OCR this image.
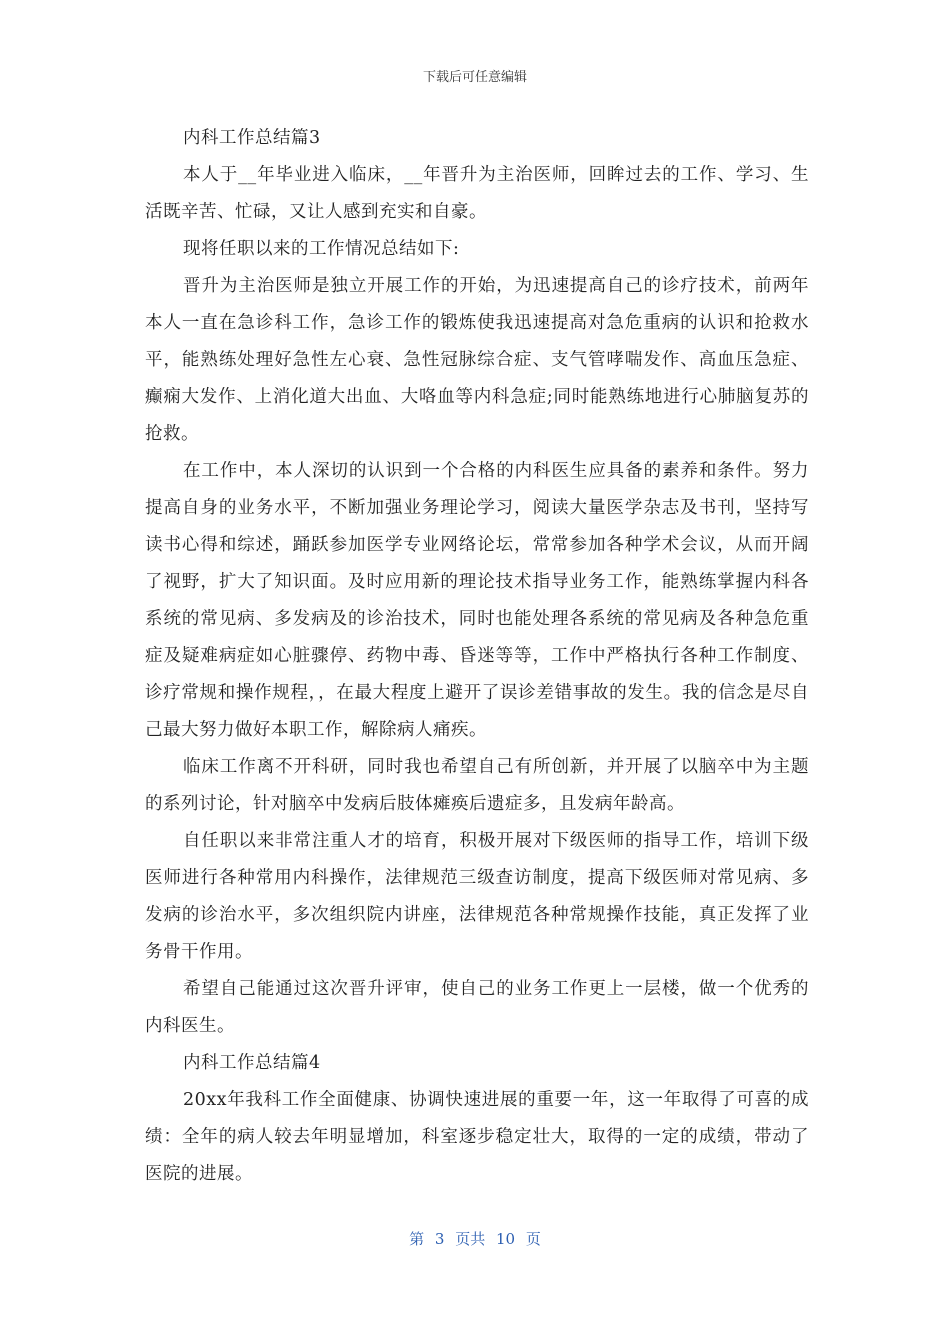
下载后可任意编辑

内科工作总结篇3

本人于__年毕业进入临床，__年晋升为主治医师，回眸过去的工作、学习、生活既辛苦、忙碌，又让人感到充实和自豪。

现将任职以来的工作情况总结如下:

晋升为主治医师是独立开展工作的开始，为迅速提高自己的诊疗技术，前两年本人一直在急诊科工作，急诊工作的锻炼使我迅速提高对急危重病的认识和抢救水平，能熟练处理好急性左心衰、急性冠脉综合症、支气管哮喘发作、高血压急症、癫痫大发作、上消化道大出血、大咯血等内科急症;同时能熟练地进行心肺脑复苏的抢救。

在工作中，本人深切的认识到一个合格的内科医生应具备的素养和条件。努力提高自身的业务水平，不断加强业务理论学习，阅读大量医学杂志及书刊，坚持写读书心得和综述，踊跃参加医学专业网络论坛，常常参加各种学术会议，从而开阔了视野，扩大了知识面。及时应用新的理论技术指导业务工作，能熟练掌握内科各系统的常见病、多发病及的诊治技术，同时也能处理各系统的常见病及各种急危重症及疑难病症如心脏骤停、药物中毒、昏迷等等，工作中严格执行各种工作制度、诊疗常规和操作规程，，在最大程度上避开了误诊差错事故的发生。我的信念是尽自己最大努力做好本职工作，解除病人痛疾。

临床工作离不开科研，同时我也希望自己有所创新，并开展了以脑卒中为主题的系列讨论，针对脑卒中发病后肢体瘫痪后遗症多，且发病年龄高。

自任职以来非常注重人才的培育，积极开展对下级医师的指导工作，培训下级医师进行各种常用内科操作，法律规范三级查访制度，提高下级医师对常见病、多发病的诊治水平，多次组织院内讲座，法律规范各种常规操作技能，真正发挥了业务骨干作用。

希望自己能通过这次晋升评审，使自己的业务工作更上一层楼，做一个优秀的内科医生。

内科工作总结篇4

20xx年我科工作全面健康、协调快速进展的重要一年，这一年取得了可喜的成绩：全年的病人较去年明显增加，科室逐步稳定壮大，取得的一定的成绩，带动了医院的进展。

第 3 页共 10 页
